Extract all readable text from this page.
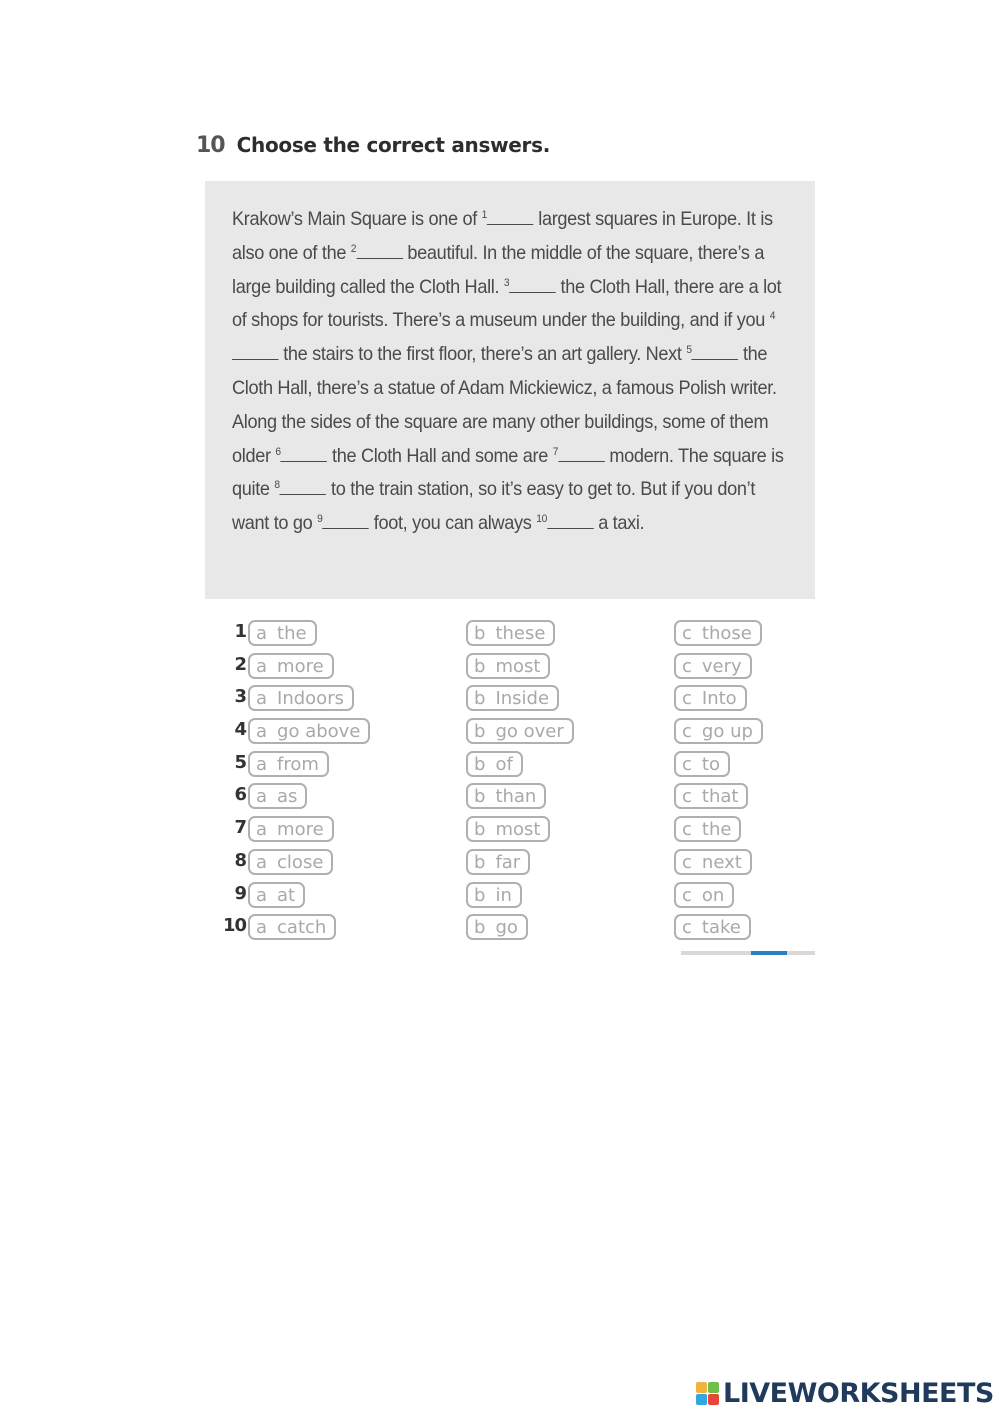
10 Choose the correct answers.

Krakow’s Main Square is one of $^1$ largest squares in Europe. It is also one of the $^2$ beautiful. In the middle of the square, there’s a large building called the Cloth Hall. $^3$ the Cloth Hall, there are a lot of shops for tourists. There’s a museum under the building, and if you $^4$ the stairs to the first floor, there’s an art gallery. Next $^5$ the Cloth Hall, there’s a statue of Adam Mickiewicz, a famous Polish writer. Along the sides of the square are many other buildings, some of them older $^6$ the Cloth Hall and some are $^7$ modern. The square is quite $^8$ to the train station, so it’s easy to get to. But if you don’t want to go $^9$ foot, you can always $^{10}$ a taxi.

1 a the	b these	c those
2 a more	b most	c very
3 a Indoors	b Inside	c Into
4 a go above	b go over	c go up
5 a from	b of	c to
6 a as	b than	c that
7 a more	b most	c the
8 a close	b far	c next
9 a at	b in	c on
10 a catch	b go	c take
LIVEWORKSHEETS
